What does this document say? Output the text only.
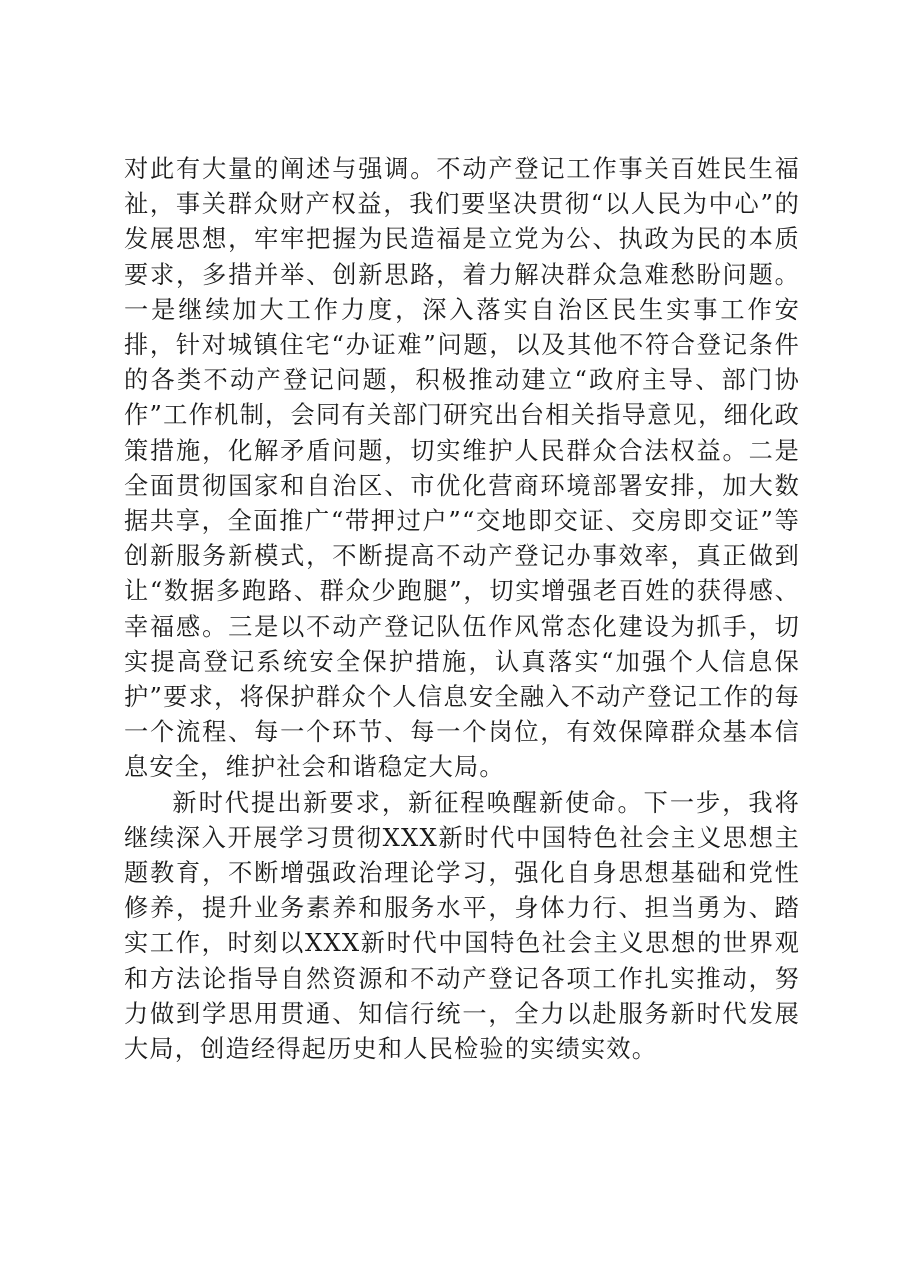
对此有大量的阐述与强调。不动产登记工作事关百姓民生福祉，事关群众财产权益，我们要坚决贯彻“以人民为中心”的发展思想，牢牢把握为民造福是立党为公、执政为民的本质要求，多措并举、创新思路，着力解决群众急难愁盼问题。一是继续加大工作力度，深入落实自治区民生实事工作安排，针对城镇住宅“办证难”问题，以及其他不符合登记条件的各类不动产登记问题，积极推动建立“政府主导、部门协作”工作机制，会同有关部门研究出台相关指导意见，细化政策措施，化解矛盾问题，切实维护人民群众合法权益。二是全面贯彻国家和自治区、市优化营商环境部署安排，加大数据共享，全面推广“带押过户”“交地即交证、交房即交证”等创新服务新模式，不断提高不动产登记办事效率，真正做到让“数据多跑路、群众少跑腿”，切实增强老百姓的获得感、幸福感。三是以不动产登记队伍作风常态化建设为抓手，切实提高登记系统安全保护措施，认真落实“加强个人信息保护”要求，将保护群众个人信息安全融入不动产登记工作的每一个流程、每一个环节、每一个岗位，有效保障群众基本信息安全，维护社会和谐稳定大局。

新时代提出新要求，新征程唤醒新使命。下一步，我将继续深入开展学习贯彻XXX新时代中国特色社会主义思想主题教育，不断增强政治理论学习，强化自身思想基础和党性修养，提升业务素养和服务水平，身体力行、担当勇为、踏实工作，时刻以XXX新时代中国特色社会主义思想的世界观和方法论指导自然资源和不动产登记各项工作扎实推动，努力做到学思用贯通、知信行统一，全力以赴服务新时代发展大局，创造经得起历史和人民检验的实绩实效。
